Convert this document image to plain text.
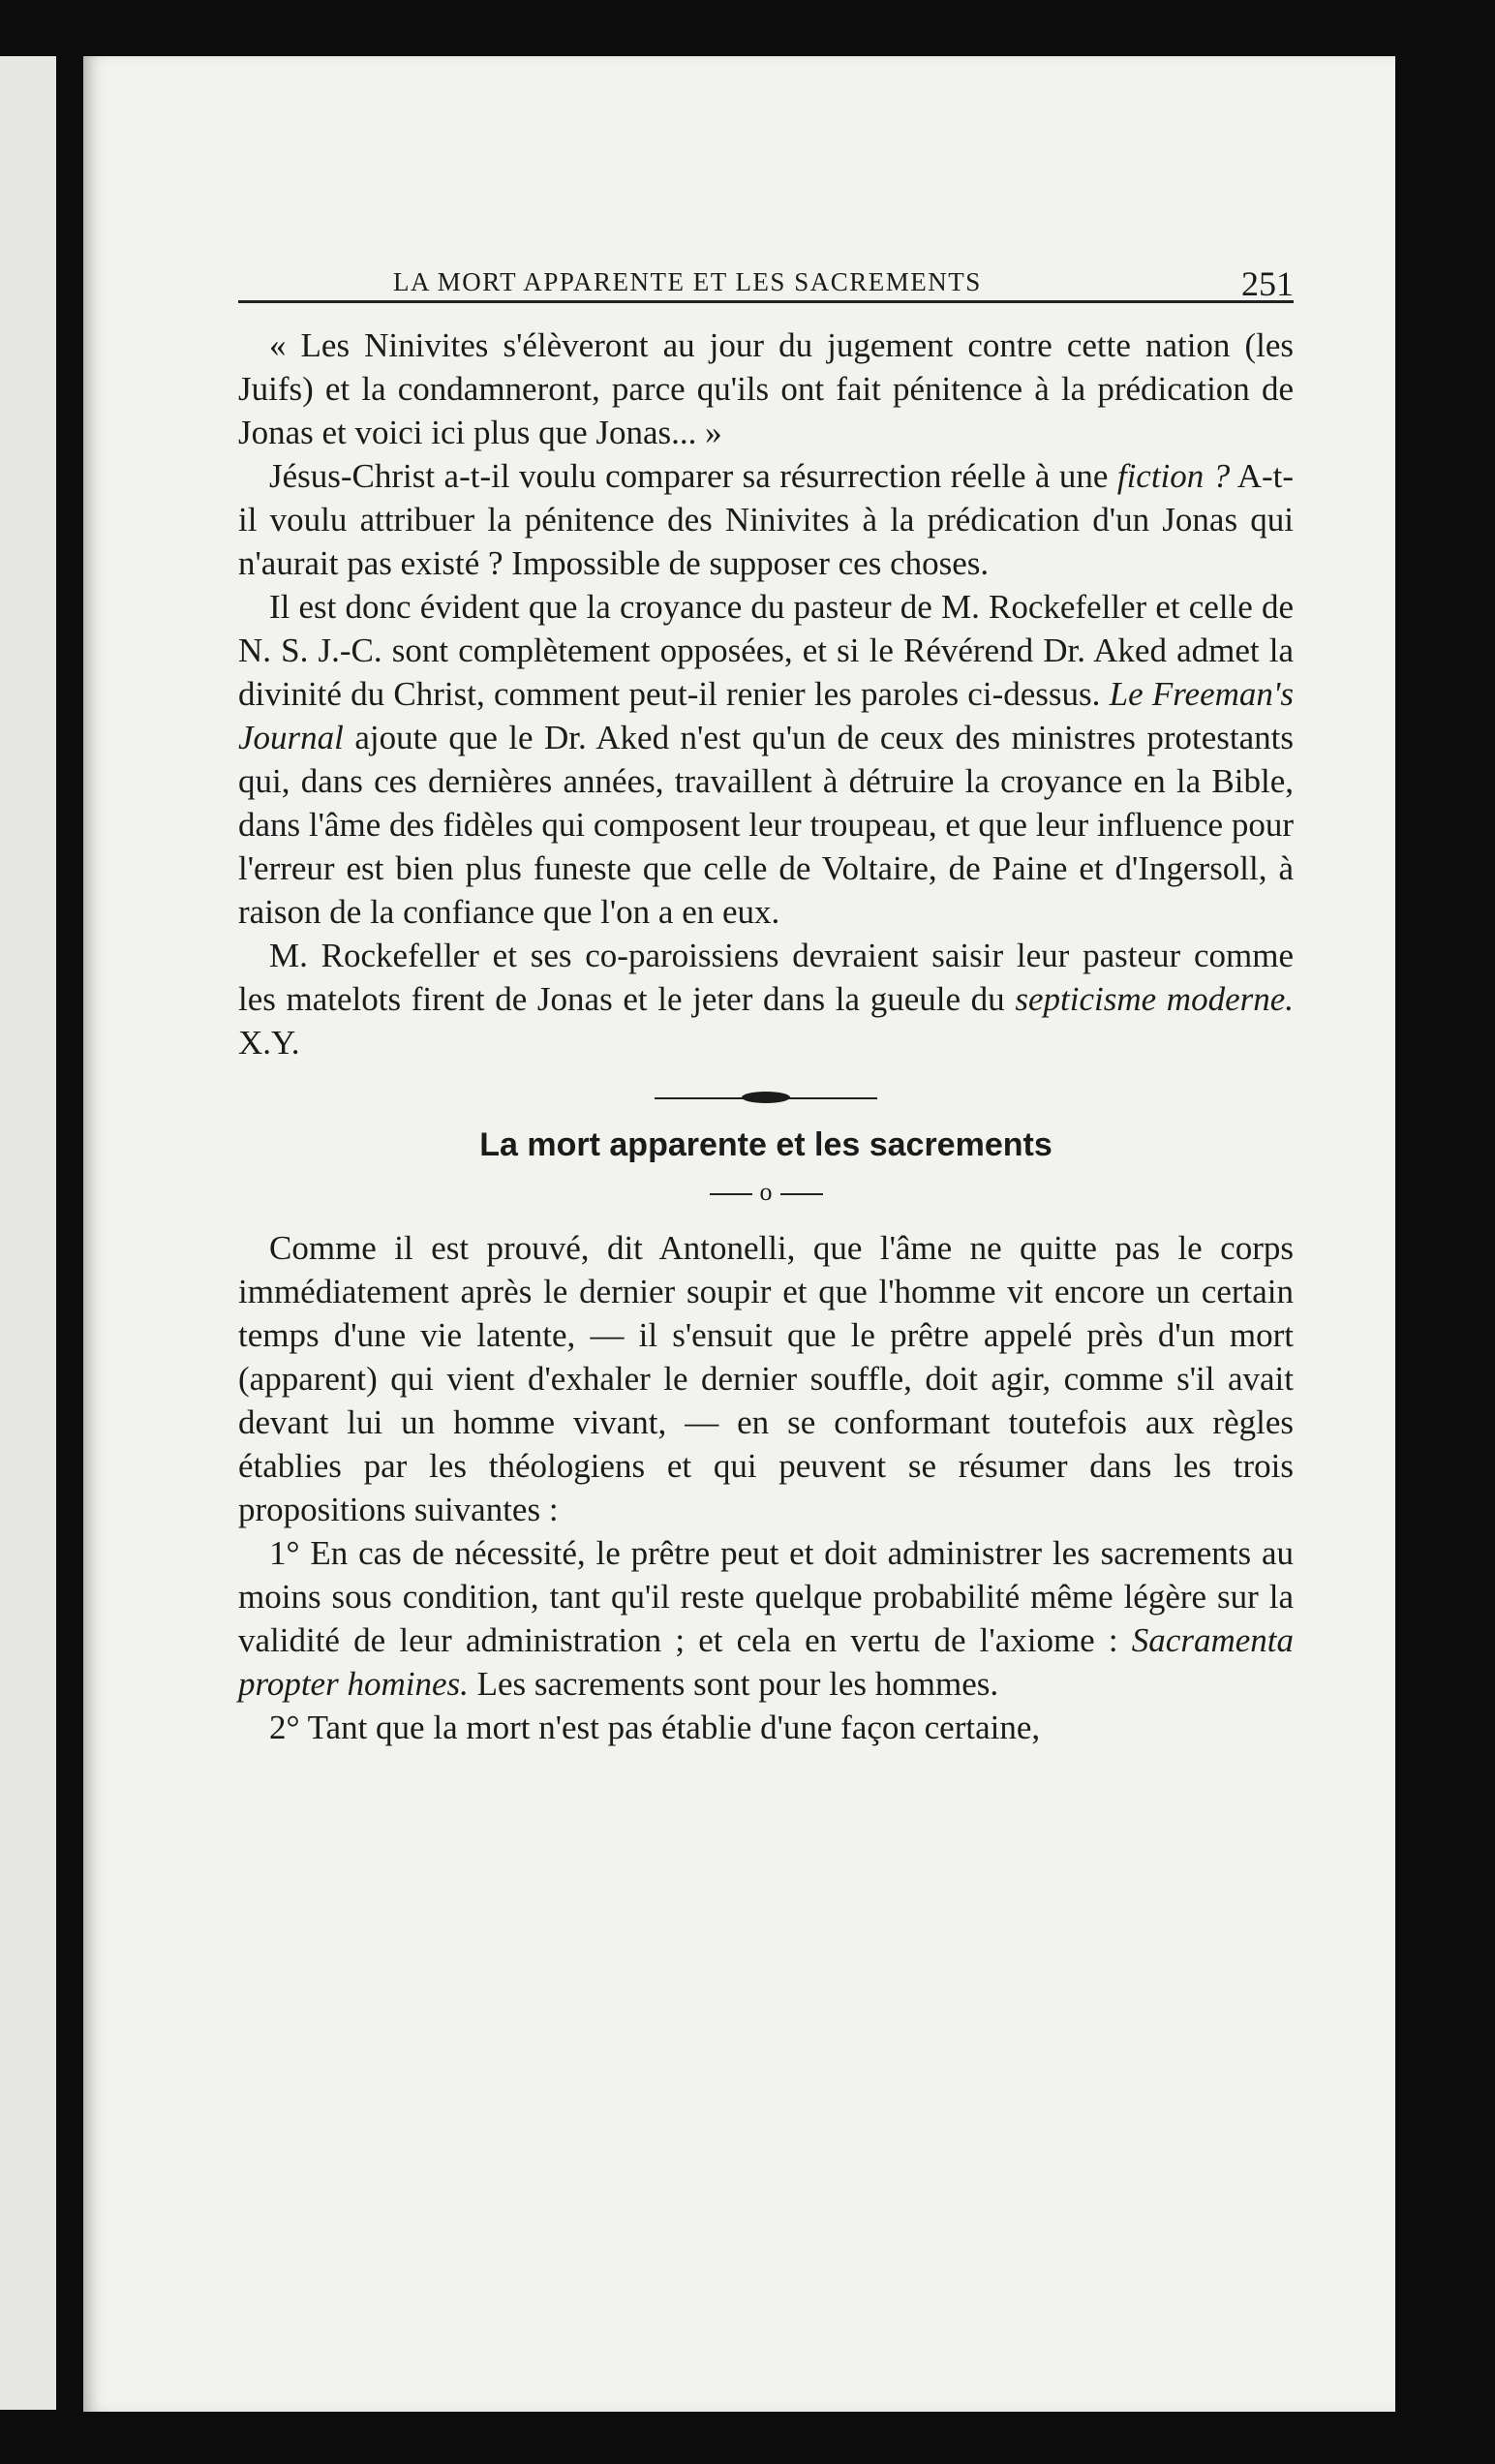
LA MORT APPARENTE ET LES SACREMENTS	251

« Les Ninivites s'élèveront au jour du jugement contre cette nation (les Juifs) et la condamneront, parce qu'ils ont fait pénitence à la prédication de Jonas et voici ici plus que Jonas... »

Jésus-Christ a-t-il voulu comparer sa résurrection réelle à une fiction ? A-t-il voulu attribuer la pénitence des Ninivites à la prédication d'un Jonas qui n'aurait pas existé ? Impossible de supposer ces choses.

Il est donc évident que la croyance du pasteur de M. Rockefeller et celle de N. S. J.-C. sont complètement opposées, et si le Révérend Dr. Aked admet la divinité du Christ, comment peut-il renier les paroles ci-dessus. Le Freeman's Journal ajoute que le Dr. Aked n'est qu'un de ceux des ministres protestants qui, dans ces dernières années, travaillent à détruire la croyance en la Bible, dans l'âme des fidèles qui composent leur troupeau, et que leur influence pour l'erreur est bien plus funeste que celle de Voltaire, de Paine et d'Ingersoll, à raison de la confiance que l'on a en eux.

M. Rockefeller et ses co-paroissiens devraient saisir leur pasteur comme les matelots firent de Jonas et le jeter dans la gueule du septicisme moderne. X.Y.

La mort apparente et les sacrements
o

Comme il est prouvé, dit Antonelli, que l'âme ne quitte pas le corps immédiatement après le dernier soupir et que l'homme vit encore un certain temps d'une vie latente, — il s'ensuit que le prêtre appelé près d'un mort (apparent) qui vient d'exhaler le dernier souffle, doit agir, comme s'il avait devant lui un homme vivant, — en se conformant toutefois aux règles établies par les théologiens et qui peuvent se résumer dans les trois propositions suivantes :

1° En cas de nécessité, le prêtre peut et doit administrer les sacrements au moins sous condition, tant qu'il reste quelque probabilité même légère sur la validité de leur administration ; et cela en vertu de l'axiome : Sacramenta propter homines. Les sacrements sont pour les hommes.

2° Tant que la mort n'est pas établie d'une façon certaine,
